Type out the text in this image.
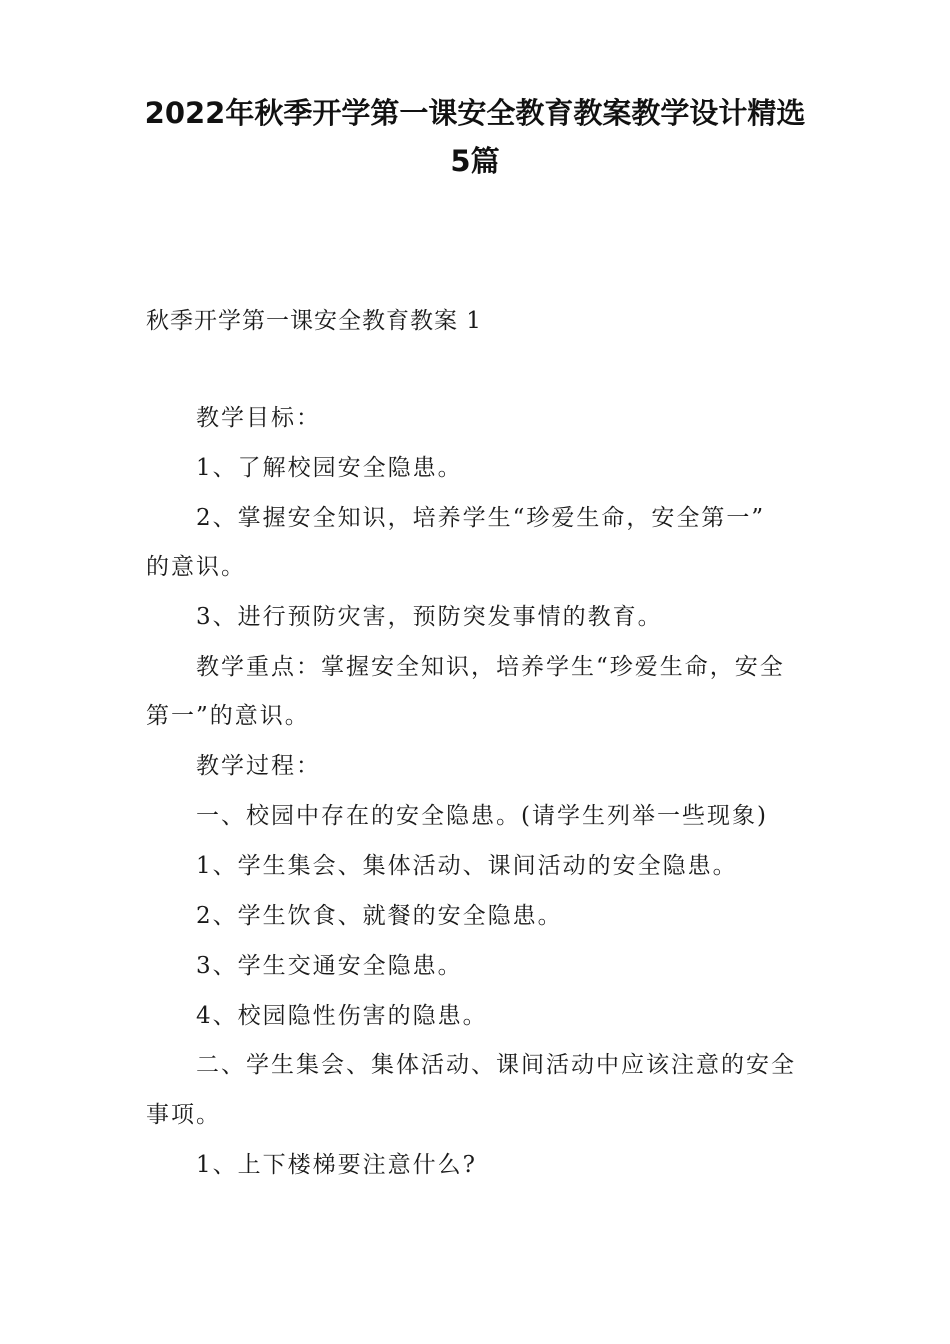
2022年秋季开学第一课安全教育教案教学设计精选
5篇

秋季开学第一课安全教育教案 1

教学目标：

1、了解校园安全隐患。

2、掌握安全知识，培养学生“珍爱生命，安全第一”

的意识。

3、进行预防灾害，预防突发事情的教育。

教学重点：掌握安全知识，培养学生“珍爱生命，安全

第一”的意识。

教学过程：

一、校园中存在的安全隐患。(请学生列举一些现象)

1、学生集会、集体活动、课间活动的安全隐患。

2、学生饮食、就餐的安全隐患。

3、学生交通安全隐患。

4、校园隐性伤害的隐患。

二、学生集会、集体活动、课间活动中应该注意的安全

事项。

1、上下楼梯要注意什么?
